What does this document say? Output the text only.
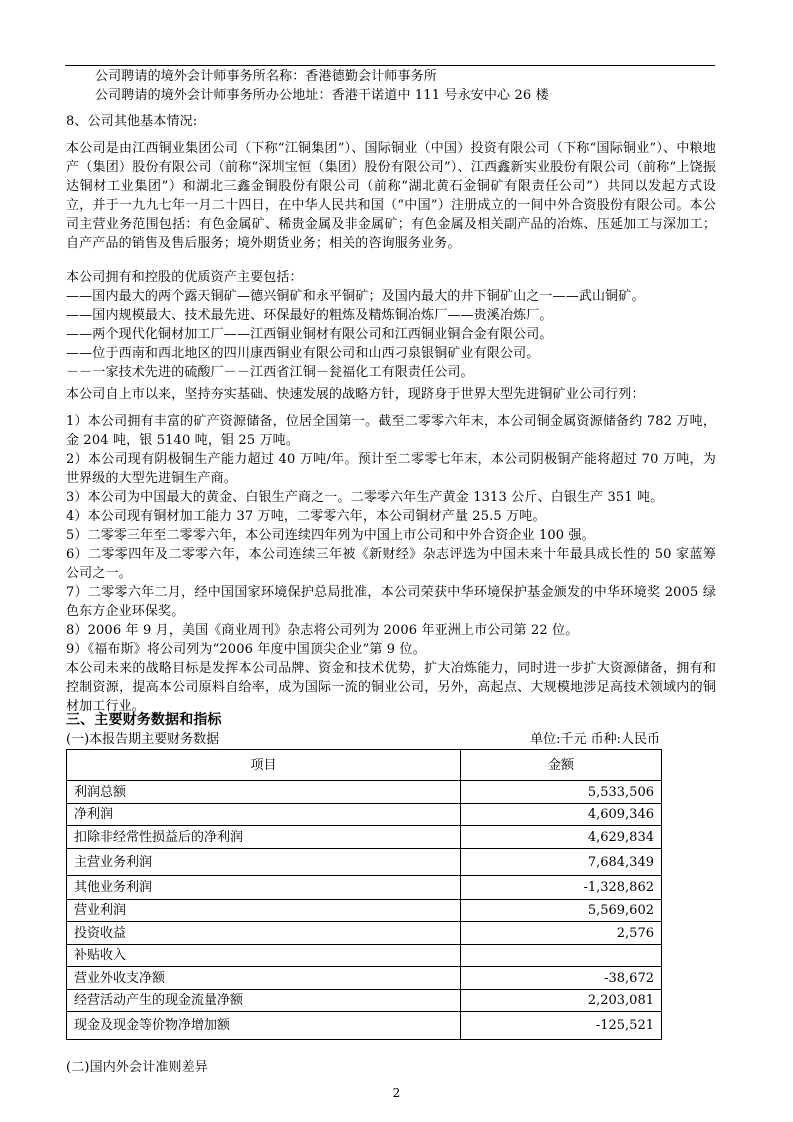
公司聘请的境外会计师事务所名称：香港德勤会计师事务所

公司聘请的境外会计师事务所办公地址：香港干诺道中 111 号永安中心 26 楼

8、公司其他基本情况:

本公司是由江西铜业集团公司（下称“江铜集团”）、国际铜业（中国）投资有限公司（下称“国际铜业”）、中粮地产（集团）股份有限公司（前称“深圳宝恒（集团）股份有限公司”）、江西鑫新实业股份有限公司（前称“上饶振达铜材工业集团”）和湖北三鑫金铜股份有限公司（前称“湖北黄石金铜矿有限责任公司”）共同以发起方式设立，并于一九九七年一月二十四日，在中华人民共和国（“中国”）注册成立的一间中外合资股份有限公司。本公司主营业务范围包括：有色金属矿、稀贵金属及非金属矿；有色金属及相关副产品的冶炼、压延加工与深加工；自产产品的销售及售后服务；境外期货业务；相关的咨询服务业务。

本公司拥有和控股的优质资产主要包括：

——国内最大的两个露天铜矿—德兴铜矿和永平铜矿；及国内最大的井下铜矿山之一——武山铜矿。

——国内规模最大、技术最先进、环保最好的粗炼及精炼铜冶炼厂——贵溪冶炼厂。

——两个现代化铜材加工厂——江西铜业铜材有限公司和江西铜业铜合金有限公司。

——位于西南和西北地区的四川康西铜业有限公司和山西刁泉银铜矿业有限公司。

－－一家技术先进的硫酸厂－－江西省江铜－瓮福化工有限责任公司。

本公司自上市以来，坚持夯实基础、快速发展的战略方针，现跻身于世界大型先进铜矿业公司行列：

1）本公司拥有丰富的矿产资源储备，位居全国第一。截至二零零六年末，本公司铜金属资源储备约 782 万吨，金 204 吨，银 5140 吨，钼 25 万吨。

2）本公司现有阴极铜生产能力超过 40 万吨/年。预计至二零零七年末，本公司阴极铜产能将超过 70 万吨，为世界级的大型先进铜生产商。

3）本公司为中国最大的黄金、白银生产商之一。二零零六年生产黄金 1313 公斤、白银生产 351 吨。

4）本公司现有铜材加工能力 37 万吨，二零零六年，本公司铜材产量 25.5 万吨。

5）二零零三年至二零零六年，本公司连续四年列为中国上市公司和中外合资企业 100 强。

6）二零零四年及二零零六年，本公司连续三年被《新财经》杂志评选为中国未来十年最具成长性的 50 家蓝筹公司之一。

7）二零零六年二月，经中国国家环境保护总局批准，本公司荣获中华环境保护基金颁发的中华环境奖 2005 绿色东方企业环保奖。

8）2006 年 9 月，美国《商业周刊》杂志将公司列为 2006 年亚洲上市公司第 22 位。

9）《福布斯》将公司列为“2006 年度中国顶尖企业”第 9 位。

本公司未来的战略目标是发挥本公司品牌、资金和技术优势，扩大冶炼能力，同时进一步扩大资源储备，拥有和控制资源，提高本公司原料自给率，成为国际一流的铜业公司，另外，高起点、大规模地涉足高技术领域内的铜材加工行业。

三、主要财务数据和指标

(一)本报告期主要财务数据	单位:千元 币种:人民币
项目	金额
利润总额	5,533,506
净利润	4,609,346
扣除非经常性损益后的净利润	4,629,834
主营业务利润	7,684,349
其他业务利润	-1,328,862
营业利润	5,569,602
投资收益	2,576
补贴收入	
营业外收支净额	-38,672
经营活动产生的现金流量净额	2,203,081
现金及现金等价物净增加额	-125,521

(二)国内外会计准则差异

2
